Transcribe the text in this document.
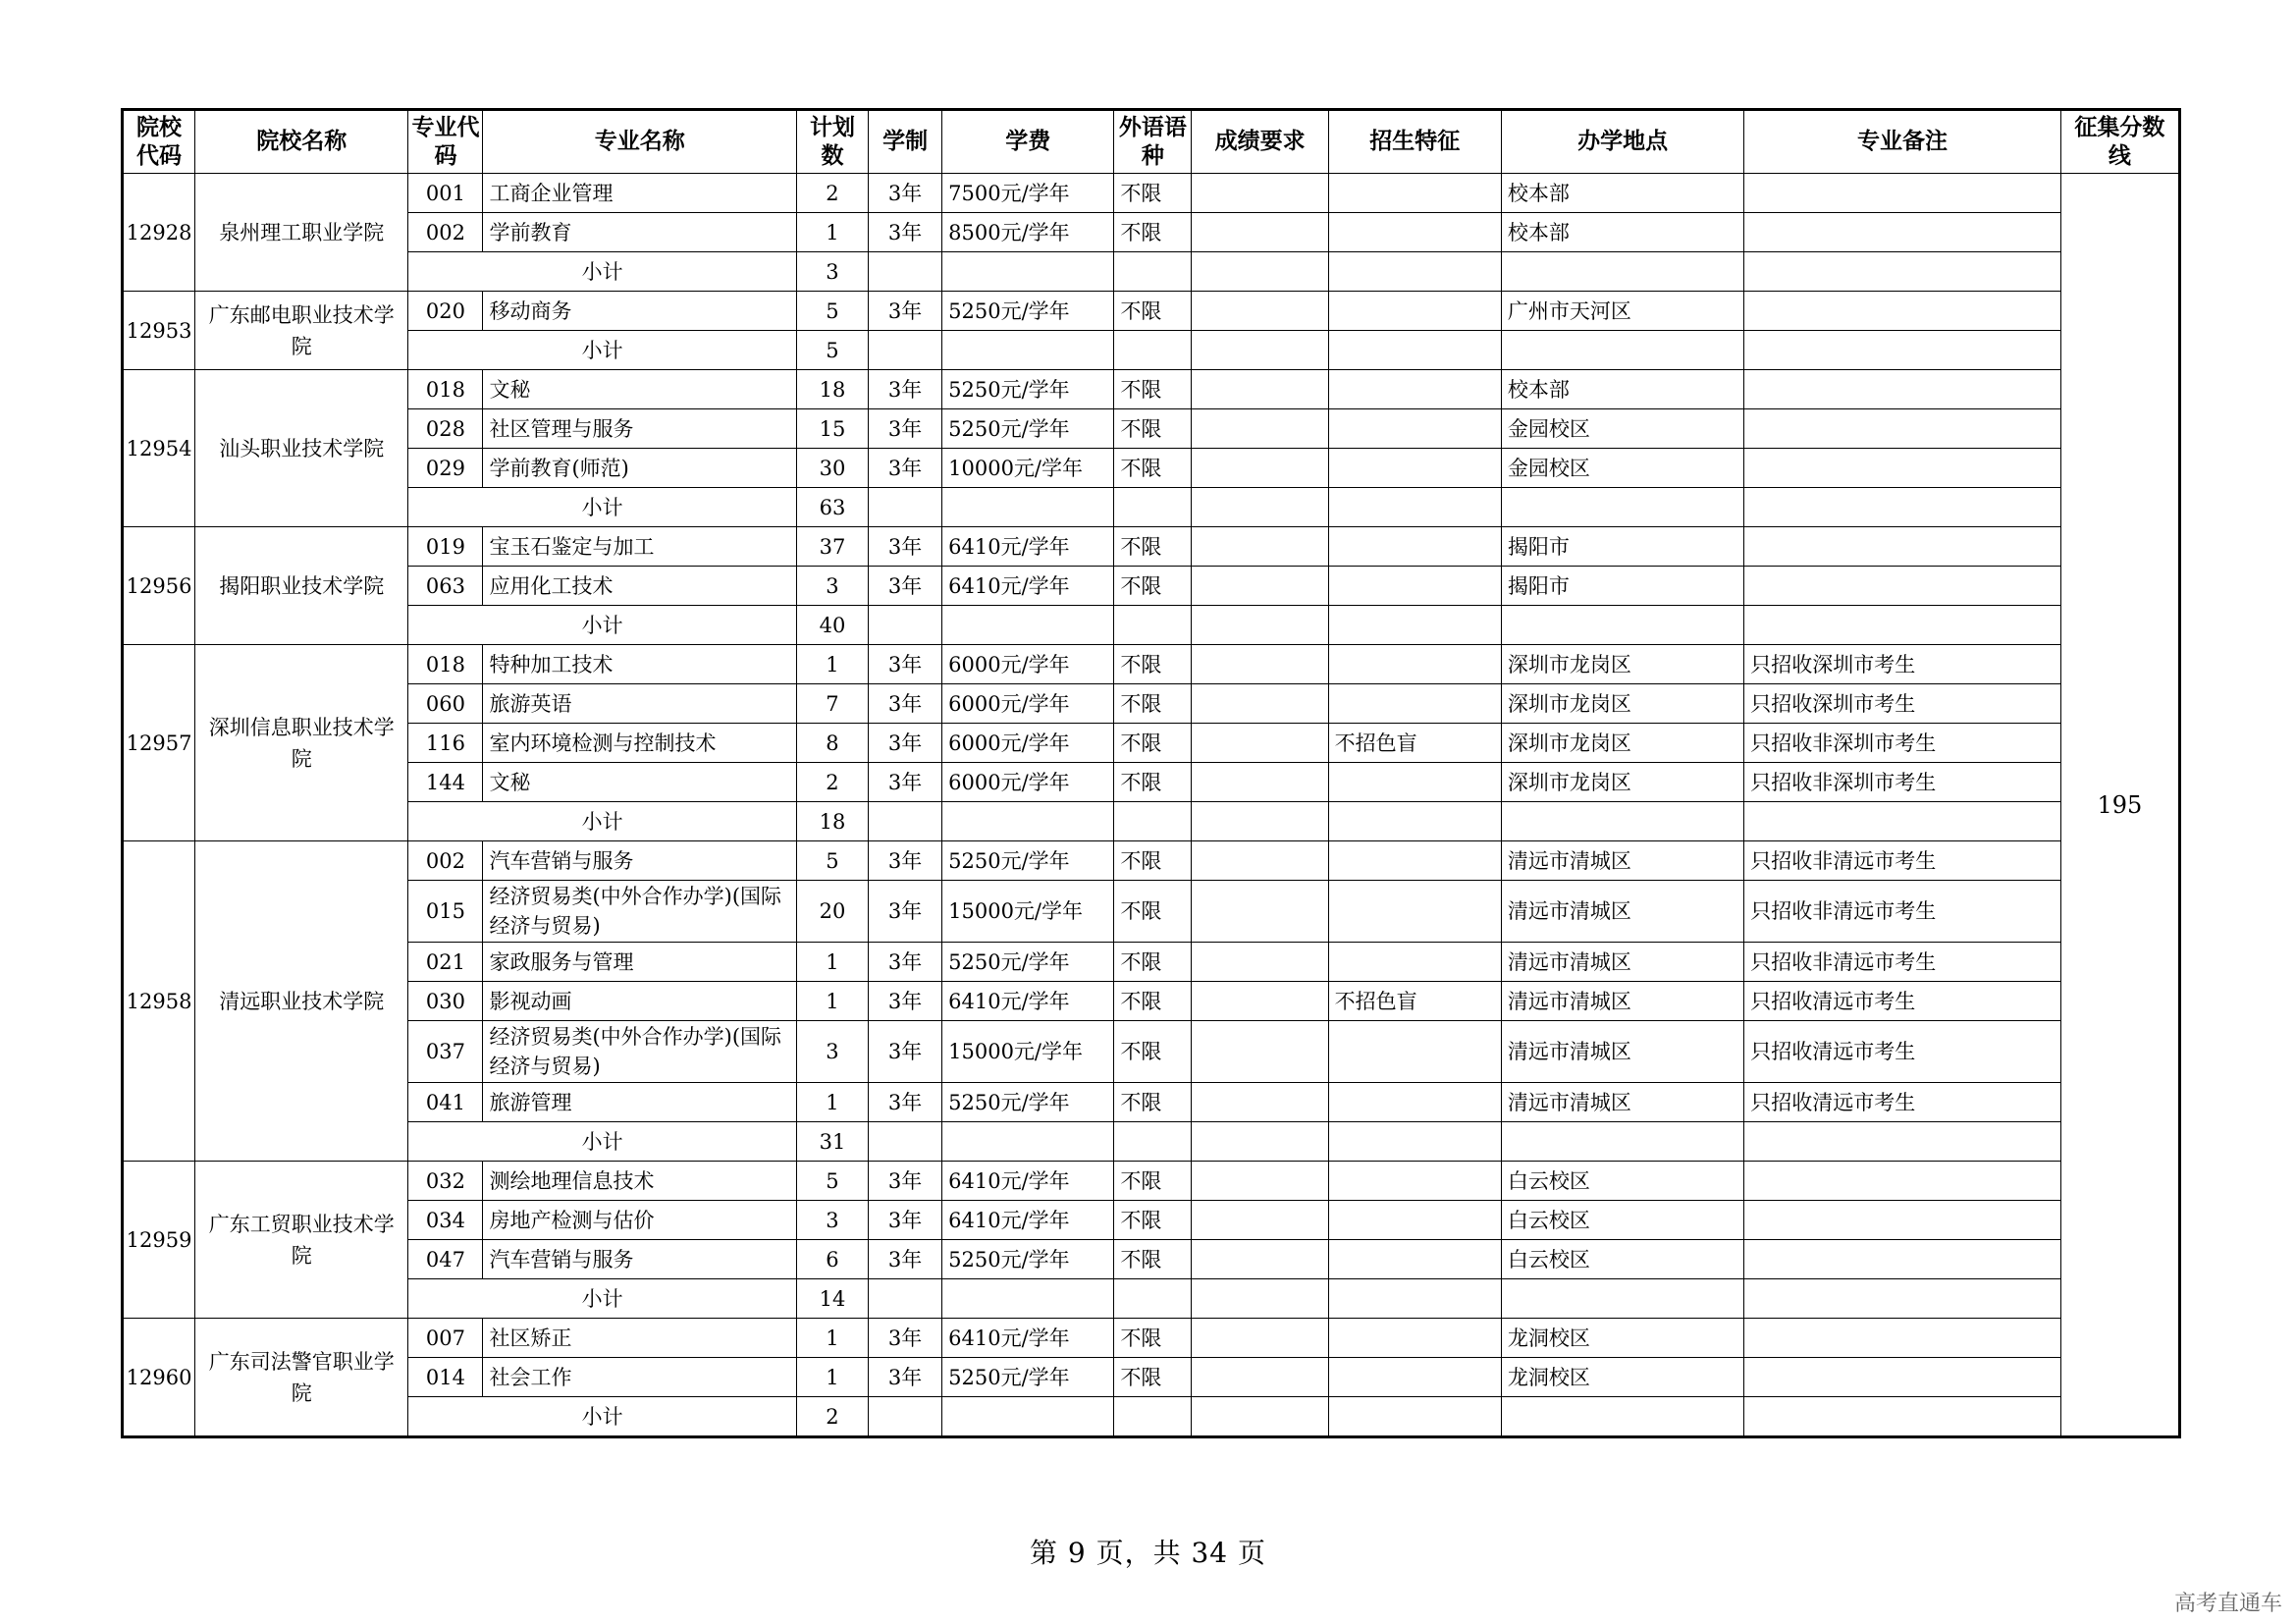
院校代码	院校名称	专业代码	专业名称	计划数	学制	学费	外语语种	成绩要求	招生特征	办学地点	专业备注	征集分数线
12928	泉州理工职业学院	001	工商企业管理	2	3年	7500元/学年	不限			校本部		195
		002	学前教育	1	3年	8500元/学年	不限			校本部		
		小计		3								
12953	广东邮电职业技术学院	020	移动商务	5	3年	5250元/学年	不限			广州市天河区		
		小计		5								
12954	汕头职业技术学院	018	文秘	18	3年	5250元/学年	不限			校本部		
		028	社区管理与服务	15	3年	5250元/学年	不限			金园校区		
		029	学前教育(师范)	30	3年	10000元/学年	不限			金园校区		
		小计		63								
12956	揭阳职业技术学院	019	宝玉石鉴定与加工	37	3年	6410元/学年	不限			揭阳市		
		063	应用化工技术	3	3年	6410元/学年	不限			揭阳市		
		小计		40								
12957	深圳信息职业技术学院	018	特种加工技术	1	3年	6000元/学年	不限			深圳市龙岗区	只招收深圳市考生	
		060	旅游英语	7	3年	6000元/学年	不限			深圳市龙岗区	只招收深圳市考生	
		116	室内环境检测与控制技术	8	3年	6000元/学年	不限		不招色盲	深圳市龙岗区	只招收非深圳市考生	
		144	文秘	2	3年	6000元/学年	不限			深圳市龙岗区	只招收非深圳市考生	
		小计		18								
12958	清远职业技术学院	002	汽车营销与服务	5	3年	5250元/学年	不限			清远市清城区	只招收非清远市考生	
		015	经济贸易类(中外合作办学)(国际经济与贸易)	20	3年	15000元/学年	不限			清远市清城区	只招收非清远市考生	
		021	家政服务与管理	1	3年	5250元/学年	不限			清远市清城区	只招收非清远市考生	
		030	影视动画	1	3年	6410元/学年	不限		不招色盲	清远市清城区	只招收清远市考生	
		037	经济贸易类(中外合作办学)(国际经济与贸易)	3	3年	15000元/学年	不限			清远市清城区	只招收清远市考生	
		041	旅游管理	1	3年	5250元/学年	不限			清远市清城区	只招收清远市考生	
		小计		31								
12959	广东工贸职业技术学院	032	测绘地理信息技术	5	3年	6410元/学年	不限			白云校区		
		034	房地产检测与估价	3	3年	6410元/学年	不限			白云校区		
		047	汽车营销与服务	6	3年	5250元/学年	不限			白云校区		
		小计		14								
12960	广东司法警官职业学院	007	社区矫正	1	3年	6410元/学年	不限			龙洞校区		
		014	社会工作	1	3年	5250元/学年	不限			龙洞校区		
		小计		2								
第 9 页，共 34 页
高考直通车
